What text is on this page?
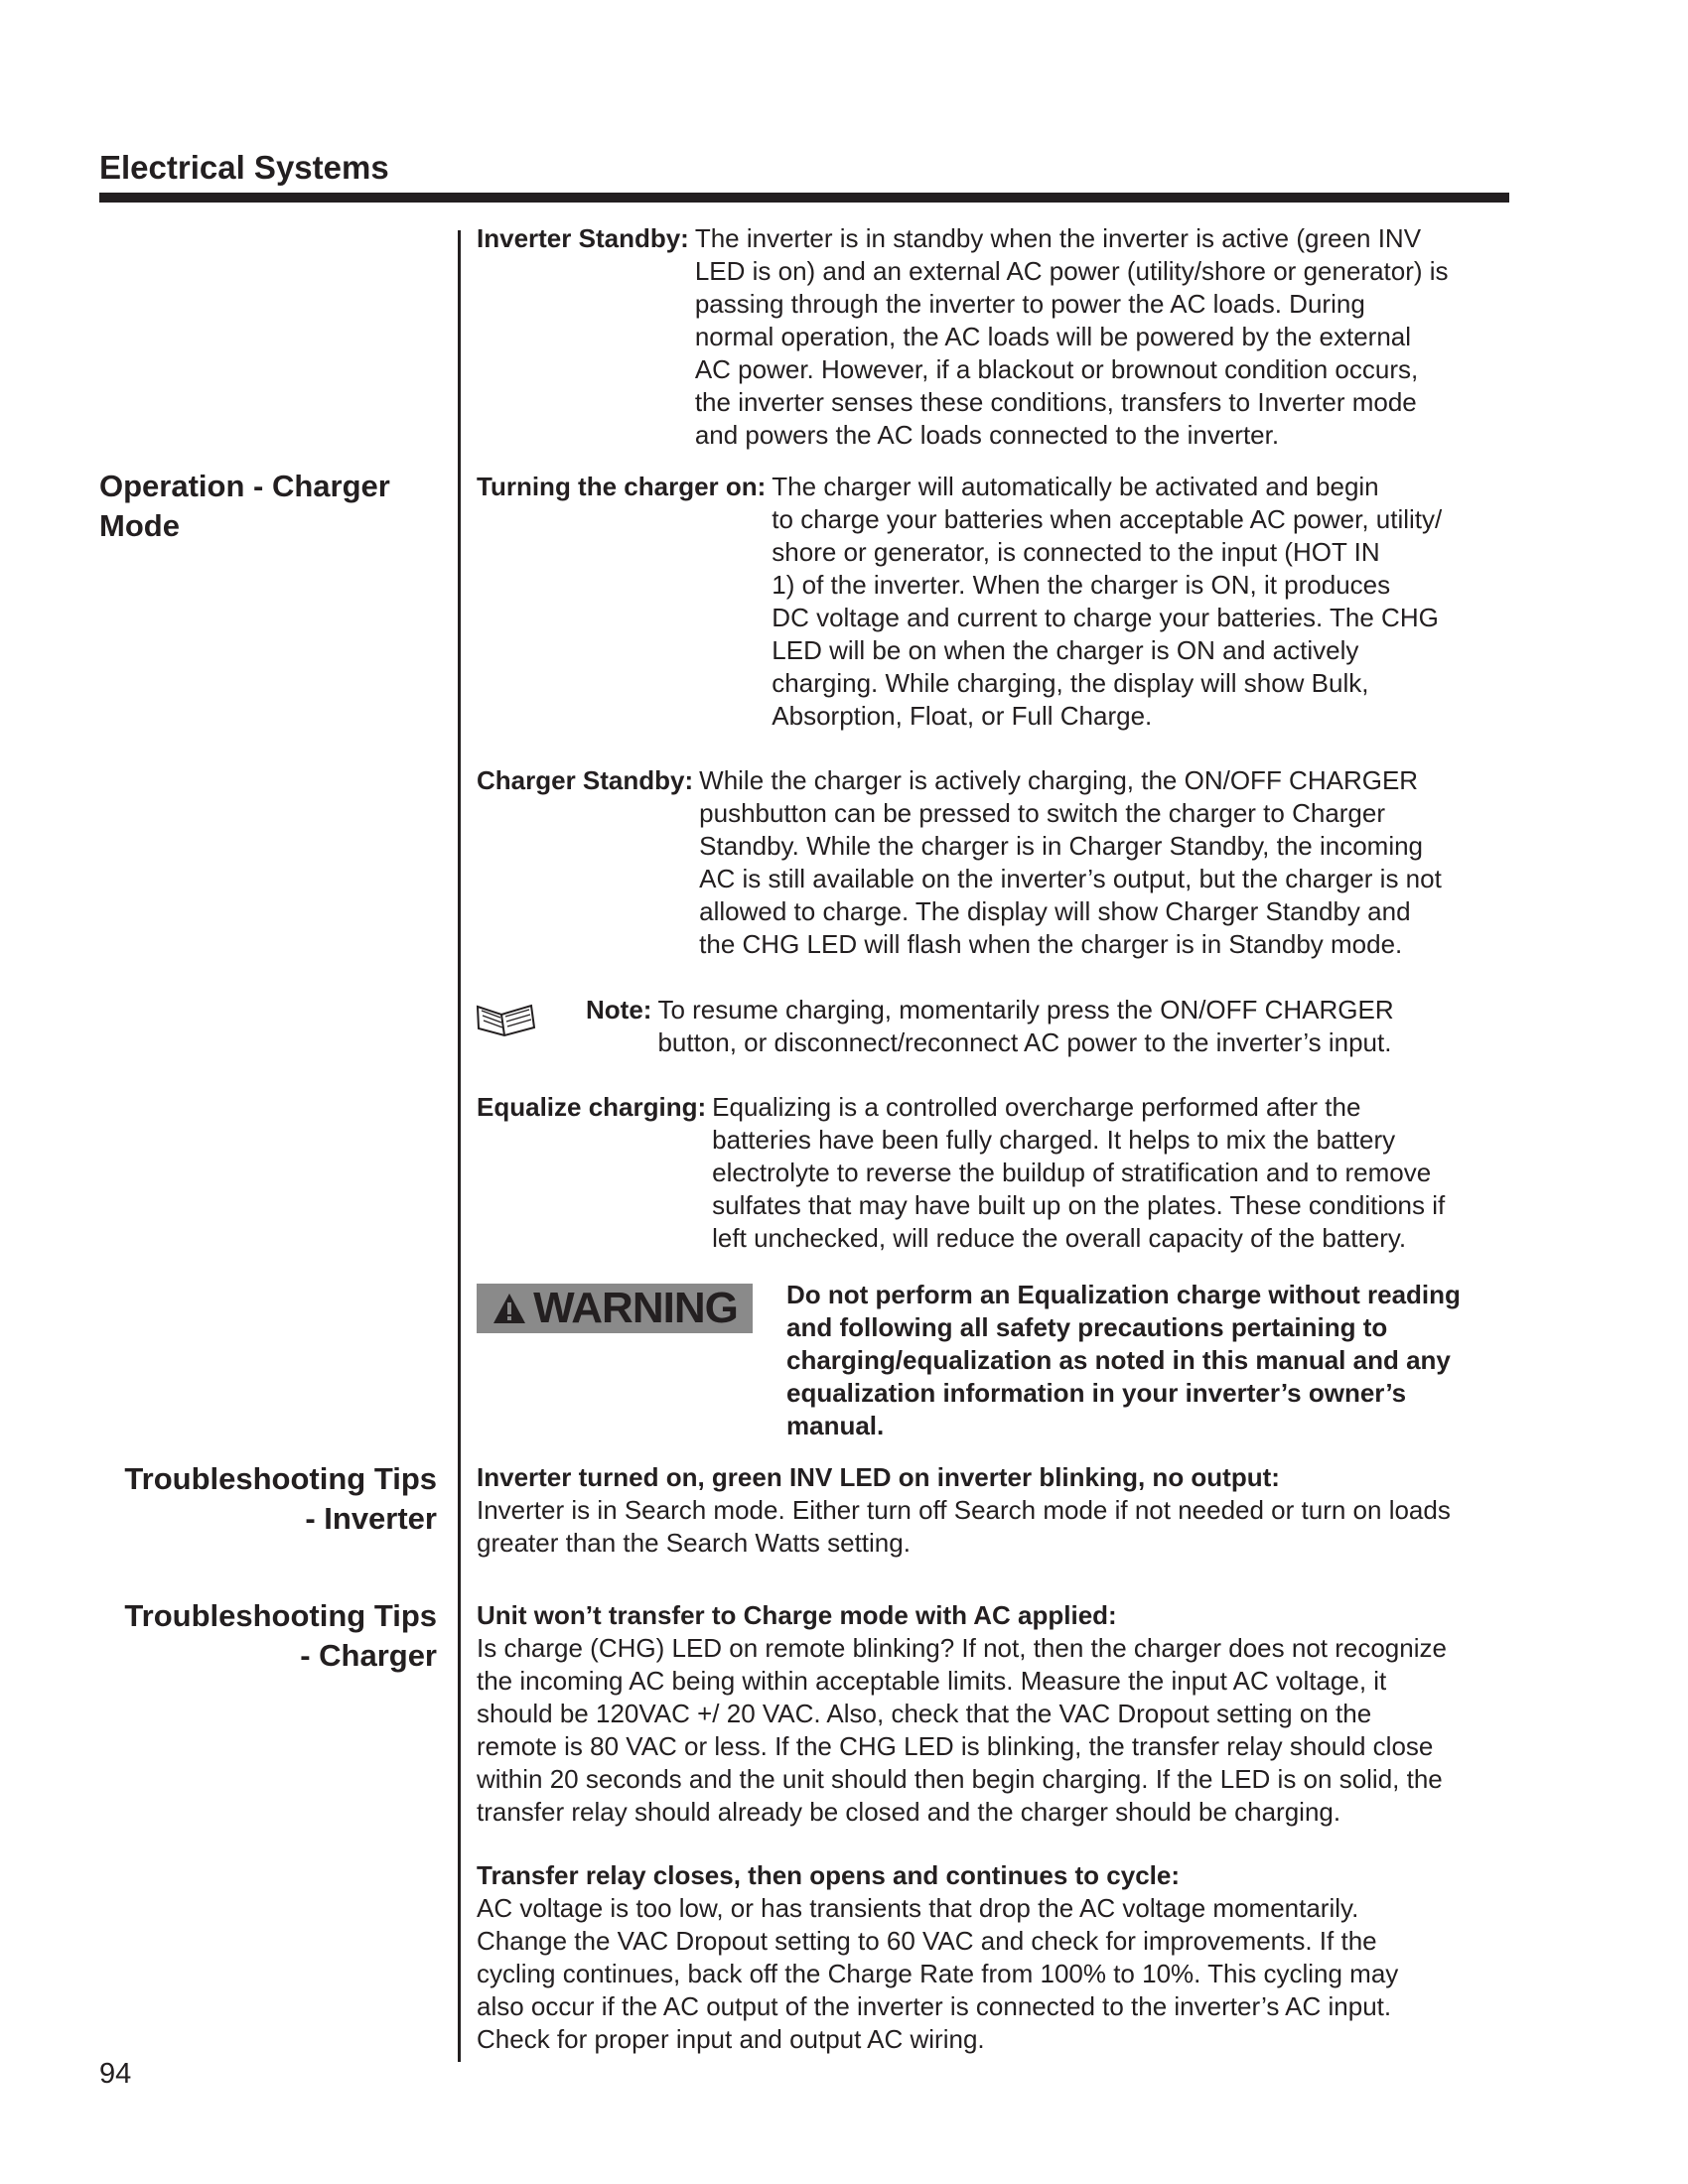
Electrical Systems
Operation - Charger
Mode
Troubleshooting Tips
- Inverter
Troubleshooting Tips
- Charger
Inverter Standby: The inverter is in standby when the inverter is active (green INV
LED is on) and an external AC power (utility/shore or generator) is
passing through the inverter to power the AC loads. During
normal operation, the AC loads will be powered by the external
AC power. However, if a blackout or brownout condition occurs,
the inverter senses these conditions, transfers to Inverter mode
and powers the AC loads connected to the inverter.
Turning the charger on: The charger will automatically be activated and begin
to charge your batteries when acceptable AC power, utility/
shore or generator, is connected to the input (HOT IN
1) of the inverter. When the charger is ON, it produces
DC voltage and current to charge your batteries. The CHG
LED will be on when the charger is ON and actively
charging. While charging, the display will show Bulk,
Absorption, Float, or Full Charge.
Charger Standby: While the charger is actively charging, the ON/OFF CHARGER
pushbutton can be pressed to switch the charger to Charger
Standby. While the charger is in Charger Standby, the incoming
AC is still available on the inverter’s output, but the charger is not
allowed to charge. The display will show Charger Standby and
the CHG LED will flash when the charger is in Standby mode.
Note: To resume charging, momentarily press the ON/OFF CHARGER
button, or disconnect/reconnect AC power to the inverter’s input.
Equalize charging: Equalizing is a controlled overcharge performed after the
batteries have been fully charged. It helps to mix the battery
electrolyte to reverse the buildup of stratification and to remove
sulfates that may have built up on the plates. These conditions if
left unchecked, will reduce the overall capacity of the battery.
WARNING Do not perform an Equalization charge without reading
and following all safety precautions pertaining to
charging/equalization as noted in this manual and any
equalization information in your inverter’s owner’s
manual.

Inverter turned on, green INV LED on inverter blinking, no output:
Inverter is in Search mode. Either turn off Search mode if not needed or turn on loads
greater than the Search Watts setting.
Unit won’t transfer to Charge mode with AC applied:
Is charge (CHG) LED on remote blinking? If not, then the charger does not recognize
the incoming AC being within acceptable limits. Measure the input AC voltage, it
should be 120VAC +/ 20 VAC. Also, check that the VAC Dropout setting on the
remote is 80 VAC or less. If the CHG LED is blinking, the transfer relay should close
within 20 seconds and the unit should then begin charging. If the LED is on solid, the
transfer relay should already be closed and the charger should be charging.
Transfer relay closes, then opens and continues to cycle:
AC voltage is too low, or has transients that drop the AC voltage momentarily.
Change the VAC Dropout setting to 60 VAC and check for improvements. If the
cycling continues, back off the Charge Rate from 100% to 10%. This cycling may
also occur if the AC output of the inverter is connected to the inverter’s AC input.
Check for proper input and output AC wiring.

94
